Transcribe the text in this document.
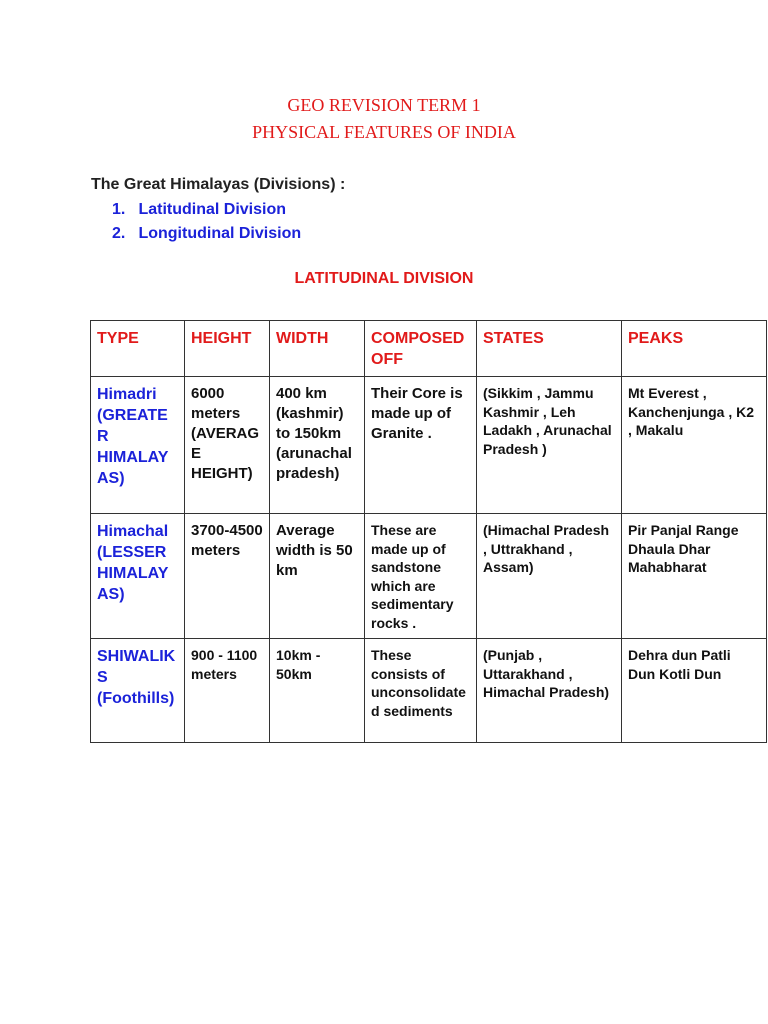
GEO REVISION TERM 1
PHYSICAL FEATURES OF INDIA
The Great Himalayas (Divisions) :
1. Latitudinal Division
2. Longitudinal Division
LATITUDINAL DIVISION
TYPE	HEIGHT	WIDTH	COMPOSED OFF	STATES	PEAKS
Himadri (GREATER HIMALAYAS)	6000 meters (AVERAGE HEIGHT)	400 km (kashmir) to 150km (arunachal pradesh)	Their Core is made up of Granite .	(Sikkim , Jammu Kashmir , Leh Ladakh , Arunachal Pradesh )	Mt Everest , Kanchenjunga , K2 , Makalu
Himachal (LESSER HIMALAYAS)	3700-4500 meters	Average width is 50 km	These are made up of sandstone which are sedimentary rocks .	(Himachal Pradesh , Uttrakhand , Assam)	Pir Panjal Range Dhaula Dhar Mahabharat
SHIWALIKS (Foothills)	900 - 1100 meters	10km - 50km	These consists of unconsolidated sediments	(Punjab , Uttarakhand , Himachal Pradesh)	Dehra dun Patli Dun Kotli Dun
